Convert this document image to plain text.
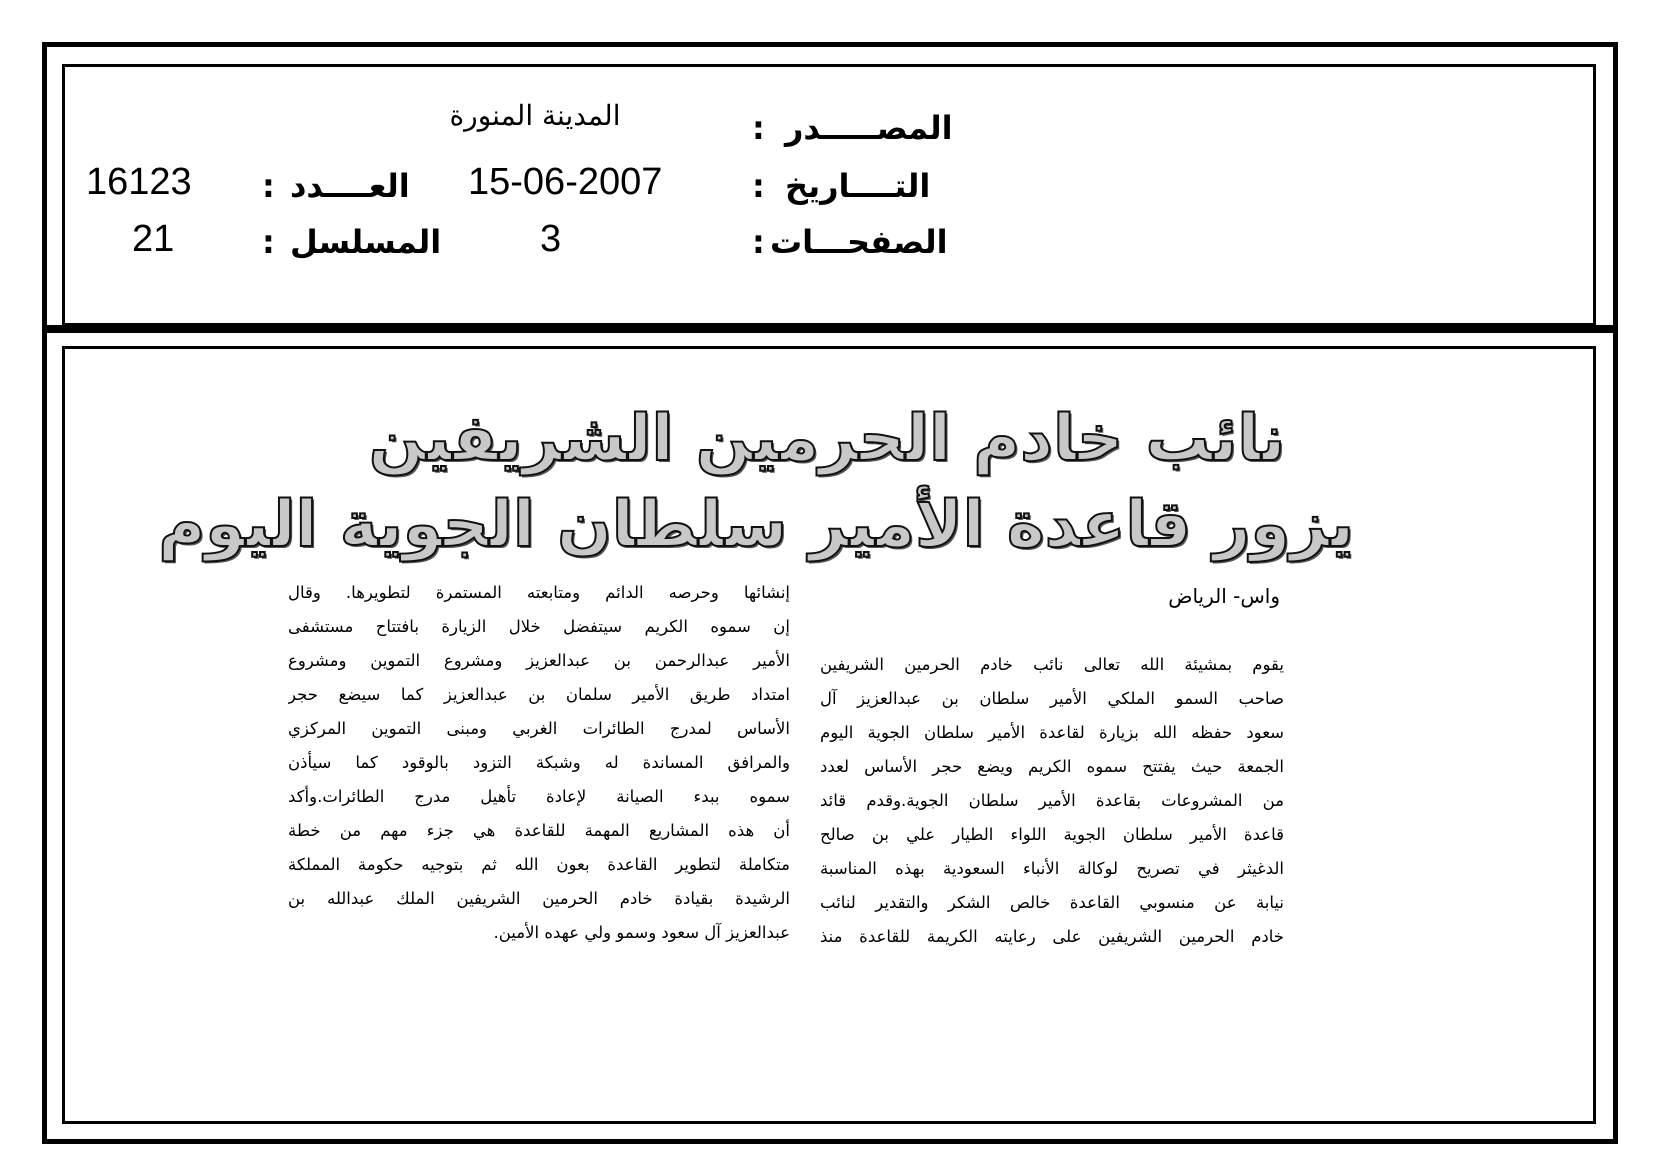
المصـــــدر
:
المدينة المنورة
التــــاريخ
:
15-06-2007
العــــدد
:
16123
الصفحـــات
:
3
المسلسل
:
21
نائب خادم الحرمين الشريفين
يزور قاعدة الأمير سلطان الجوية اليوم
واس- الرياض
يقوم بمشيئة الله تعالى نائب خادم الحرمين الشريفين
صاحب السمو الملكي الأمير سلطان بن عبدالعزيز آل
سعود حفظه الله بزيارة لقاعدة الأمير سلطان الجوية اليوم
الجمعة حيث يفتتح سموه الكريم ويضع حجر الأساس لعدد
من المشروعات بقاعدة الأمير سلطان الجوية.وقدم قائد
قاعدة الأمير سلطان الجوية اللواء الطيار علي بن صالح
الدغيثر في تصريح لوكالة الأنباء السعودية بهذه المناسبة
نيابة عن منسوبي القاعدة خالص الشكر والتقدير لنائب
خادم الحرمين الشريفين على رعايته الكريمة للقاعدة منذ
إنشائها وحرصه الدائم ومتابعته المستمرة لتطويرها. وقال
إن سموه الكريم سيتفضل خلال الزيارة بافتتاح مستشفى
الأمير عبدالرحمن بن عبدالعزيز ومشروع التموين ومشروع
امتداد طريق الأمير سلمان بن عبدالعزيز كما سيضع حجر
الأساس لمدرج الطائرات الغربي ومبنى التموين المركزي
والمرافق المساندة له وشبكة التزود بالوقود كما سيأذن
سموه ببدء الصيانة لإعادة تأهيل مدرج الطائرات.وأكد
أن هذه المشاريع المهمة للقاعدة هي جزء مهم من خطة
متكاملة لتطوير القاعدة بعون الله ثم بتوجيه حكومة المملكة
الرشيدة بقيادة خادم الحرمين الشريفين الملك عبدالله بن
عبدالعزيز آل سعود وسمو ولي عهده الأمين.
